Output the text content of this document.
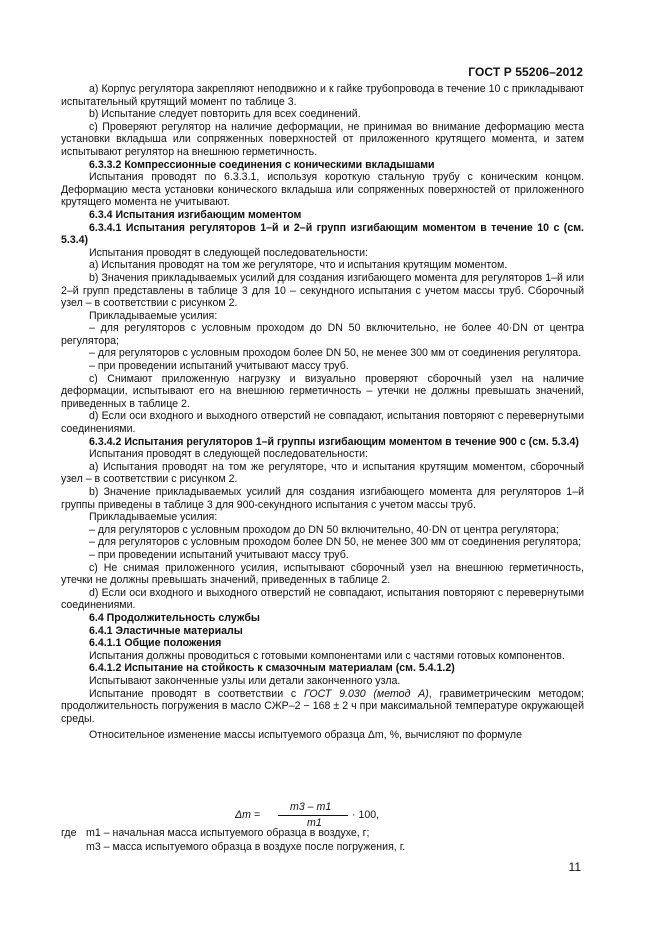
ГОСТ Р 55206–2012

а) Корпус регулятора закрепляют неподвижно и к гайке трубопровода в течение 10 с прикладывают испытательный крутящий момент по таблице 3.

b) Испытание следует повторить для всех соединений.

с) Проверяют регулятор на наличие деформации, не принимая во внимание деформацию места установки вкладыша или сопряженных поверхностей от приложенного крутящего момента, и затем испытывают регулятор на внешнюю герметичность.

6.3.3.2 Компрессионные соединения с коническими вкладышами

Испытания проводят по 6.3.3.1, используя короткую стальную трубу с коническим концом. Деформацию места установки конического вкладыша или сопряженных поверхностей от приложенного крутящего момента не учитывают.

6.3.4 Испытания изгибающим моментом

6.3.4.1 Испытания регуляторов 1–й и 2–й групп изгибающим моментом в течение 10 с (см. 5.3.4)

Испытания проводят в следующей последовательности:

а) Испытания проводят на том же регуляторе, что и испытания крутящим моментом.

b) Значения прикладываемых усилий для создания изгибающего момента для регуляторов 1–й или 2–й групп представлены в таблице 3 для 10 – секундного испытания с учетом массы труб. Сборочный узел – в соответствии с рисунком 2.

Прикладываемые усилия:

– для регуляторов с условным проходом до DN 50 включительно, не более 40·DN от центра регулятора;

– для регуляторов с условным проходом более DN 50, не менее 300 мм от соединения регулятора.

– при проведении испытаний учитывают массу труб.

с) Снимают приложенную нагрузку и визуально проверяют сборочный узел на наличие деформации, испытывают его на внешнюю герметичность – утечки не должны превышать значений, приведенных в таблице 2.

d) Если оси входного и выходного отверстий не совпадают, испытания повторяют с перевернутыми соединениями.

6.3.4.2 Испытания регуляторов 1–й группы изгибающим моментом в течение 900 с (см. 5.3.4)

Испытания проводят в следующей последовательности:

а) Испытания проводят на том же регуляторе, что и испытания крутящим моментом, сборочный узел – в соответствии с рисунком 2.

b) Значение прикладываемых усилий для создания изгибающего момента для регуляторов 1–й группы приведены в таблице 3 для 900-секундного испытания с учетом массы труб.

Прикладываемые усилия:

– для регуляторов с условным проходом до DN 50 включительно, 40·DN от центра регулятора;

– для регуляторов с условным проходом более DN 50, не менее 300 мм от соединения регулятора;

– при проведении испытаний учитывают массу труб.

с) Не снимая приложенного усилия, испытывают сборочный узел на внешнюю герметичность, утечки не должны превышать значений, приведенных в таблице 2.

d) Если оси входного и выходного отверстий не совпадают, испытания повторяют с перевернутыми соединениями.

6.4 Продолжительность службы

6.4.1 Эластичные материалы

6.4.1.1 Общие положения

Испытания должны проводиться с готовыми компонентами или с частями готовых компонентов.

6.4.1.2 Испытание на стойкость к смазочным материалам (см. 5.4.1.2)

Испытывают законченные узлы или детали законченного узла.

Испытание проводят в соответствии с ГОСТ 9.030 (метод А), гравиметрическим методом; продолжительность погружения в масло СЖР–2 − 168 ± 2 ч при максимальной температуре окружающей среды.

Относительное изменение массы испытуемого образца Δm, %, вычисляют по формуле

Δm =
m3 – m1
m1
· 100,
где m1 – начальная масса испытуемого образца в воздухе, г;
m3 – масса испытуемого образца в воздухе после погружения, г.
11
